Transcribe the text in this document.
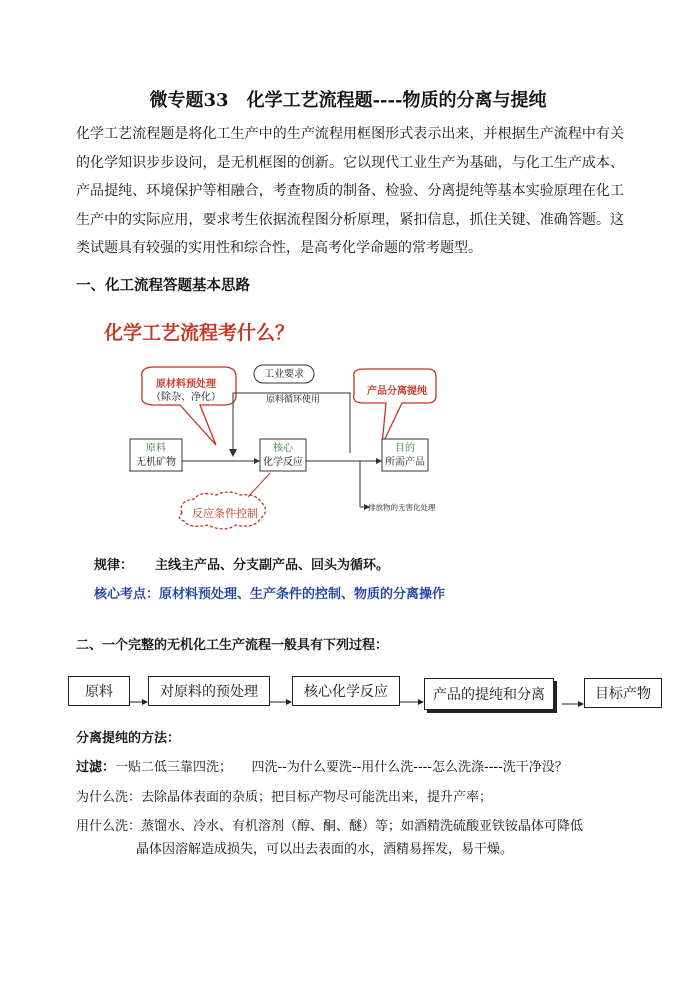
微专题33　化学工艺流程题----物质的分离与提纯
化学工艺流程题是将化工生产中的生产流程用框图形式表示出来，并根据生产流程中有关的化学知识步步设问，是无机框图的创新。它以现代工业生产为基础，与化工生产成本、产品提纯、环境保护等相融合，考查物质的制备、检验、分离提纯等基本实验原理在化工生产中的实际应用，要求考生依据流程图分析原理，紧扣信息，抓住关键、准确答题。这类试题具有较强的实用性和综合性，是高考化学命题的常考题型。
一、化工流程答题基本思路
化学工艺流程考什么？
原材料预处理
（除杂、净化）
工业要求
原料循环使用
产品分离提纯
原料
无机矿物
核心
化学反应
目的
所需产品
反应条件控制	排放物的无害化处理
规律： 主线主产品、分支副产品、回头为循环。
核心考点：原材料预处理、生产条件的控制、物质的分离操作
二、一个完整的无机化工生产流程一般具有下列过程：
原料	对原料的预处理	核心化学反应	产品的提纯和分离	目标产物
分离提纯的方法：
过滤：一贴二低三靠四洗；　　四洗--为什么要洗--用什么洗----怎么洗涤----洗干净没？
为什么洗：去除晶体表面的杂质；把目标产物尽可能洗出来，提升产率；
用什么洗：蒸馏水、冷水、有机溶剂（醇、酮、醚）等；如酒精洗硫酸亚铁铵晶体可降低
晶体因溶解造成损失，可以出去表面的水，酒精易挥发，易干燥。
